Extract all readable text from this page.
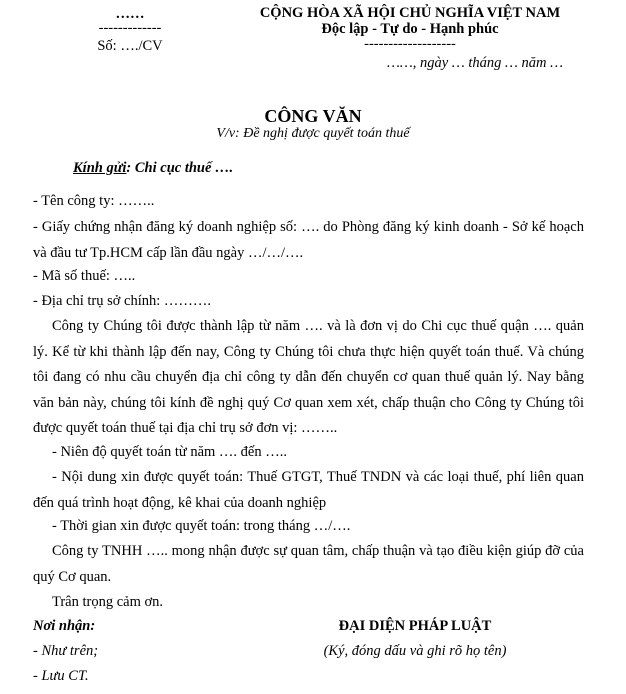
……
-------------
Số: …./CV
CỘNG HÒA XÃ HỘI CHỦ NGHĨA VIỆT NAM
Độc lập - Tự do - Hạnh phúc
-------------------
……, ngày … tháng … năm …
CÔNG VĂN
V/v: Đề nghị được quyết toán thuế
Kính gửi: Chi cục thuế ….
- Tên công ty: ……..
- Giấy chứng nhận đăng ký doanh nghiệp số: …. do Phòng đăng ký kinh doanh - Sở kế hoạch và đầu tư Tp.HCM cấp lần đầu ngày …/…/….
- Mã số thuế: …..
- Địa chỉ trụ sở chính: ……….
Công ty Chúng tôi được thành lập từ năm …. và là đơn vị do Chi cục thuế quận …. quản lý. Kể từ khi thành lập đến nay, Công ty Chúng tôi chưa thực hiện quyết toán thuế. Và chúng tôi đang có nhu cầu chuyển địa chỉ công ty dẫn đến chuyển cơ quan thuế quản lý. Nay bằng văn bản này, chúng tôi kính đề nghị quý Cơ quan xem xét, chấp thuận cho Công ty Chúng tôi được quyết toán thuế tại địa chỉ trụ sở đơn vị: ……..
- Niên độ quyết toán từ năm …. đến …..
- Nội dung xin được quyết toán: Thuế GTGT, Thuế TNDN và các loại thuế, phí liên quan đến quá trình hoạt động, kê khai của doanh nghiệp
- Thời gian xin được quyết toán: trong tháng …/….
Công ty TNHH ….. mong nhận được sự quan tâm, chấp thuận và tạo điều kiện giúp đỡ của quý Cơ quan.
Trân trọng cảm ơn.
Nơi nhận:
- Như trên;
- Lưu CT.
ĐẠI DIỆN PHÁP LUẬT
(Ký, đóng dấu và ghi rõ họ tên)
